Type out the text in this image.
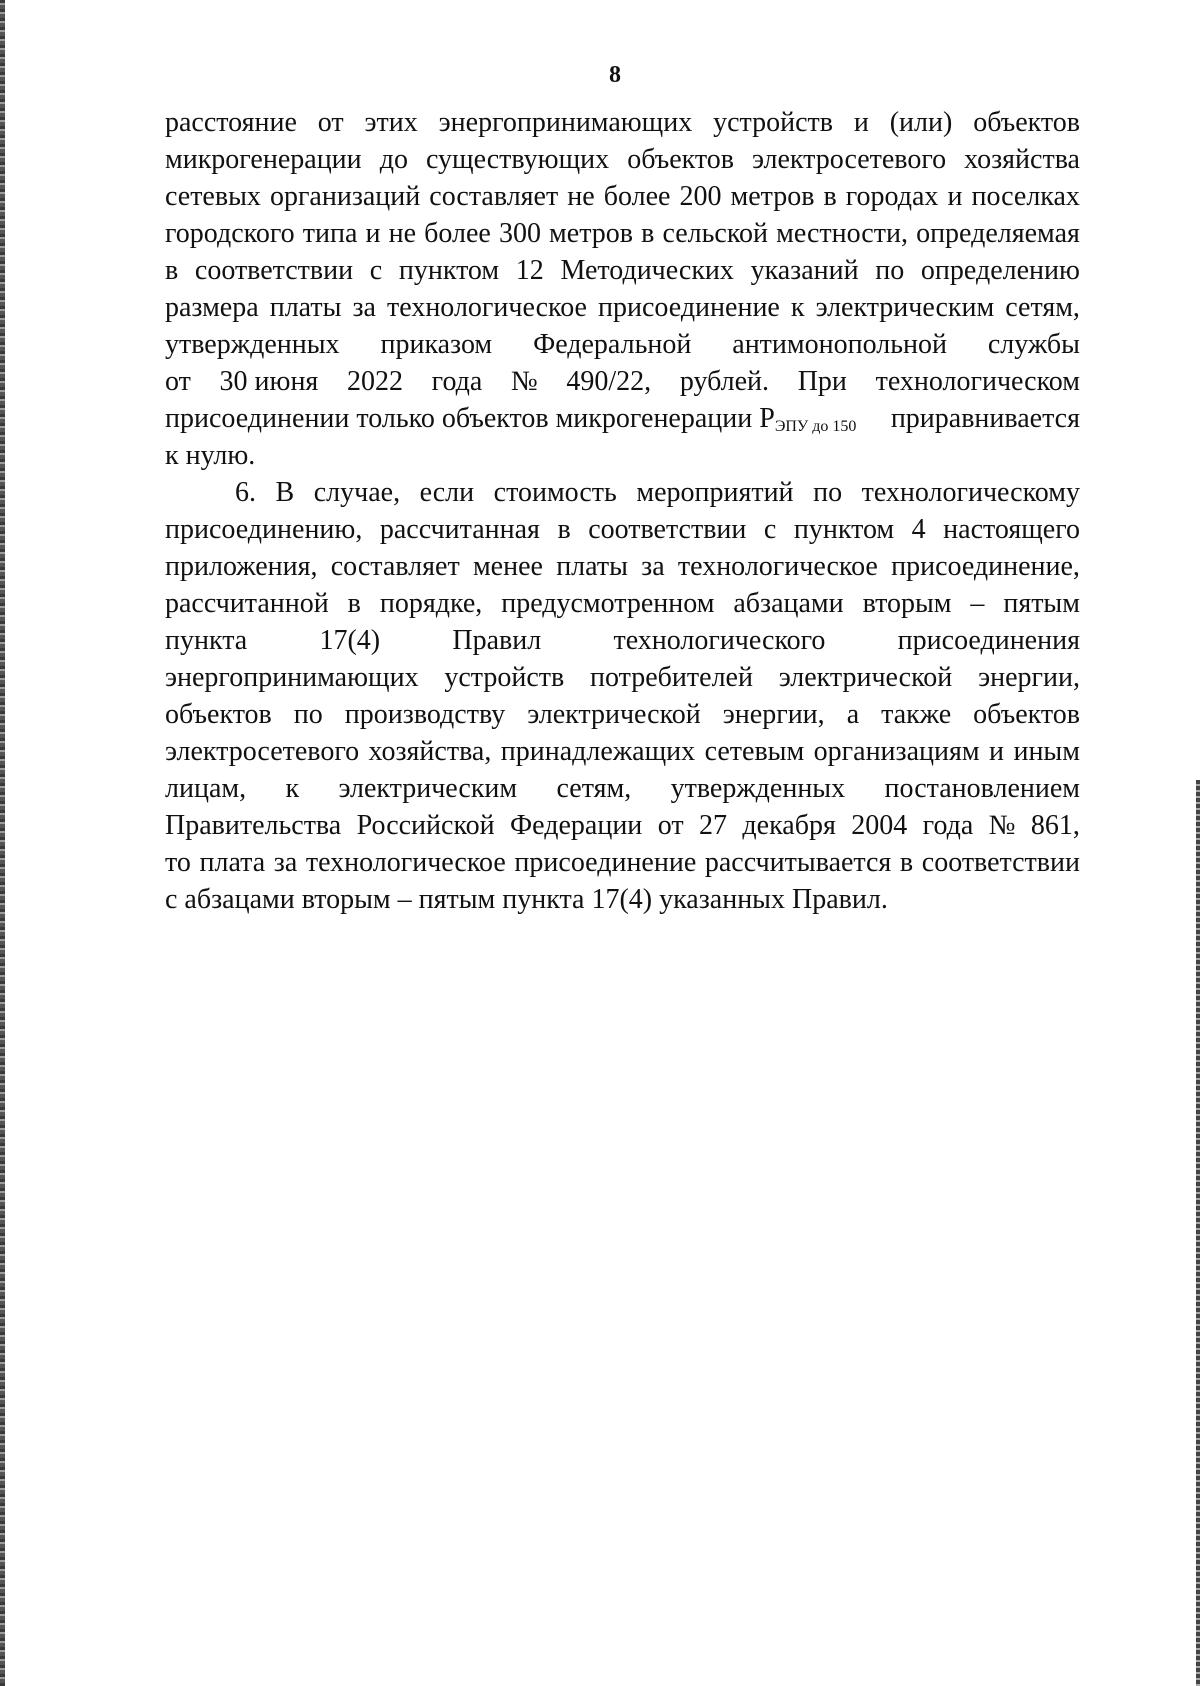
8
расстояние от этих энергопринимающих устройств и (или) объектов
микрогенерации до существующих объектов электросетевого хозяйства
сетевых организаций составляет не более 200 метров в городах и поселках
городского типа и не более 300 метров в сельской местности, определяемая
в соответствии с пунктом 12 Методических указаний по определению
размера платы за технологическое присоединение к электрическим сетям,
утвержденных приказом Федеральной антимонопольной службы
от 30 июня 2022 года № 490/22, рублей. При технологическом
присоединении только объектов микрогенерации $Р_{ЭПУ до 150}$ приравнивается
к нулю.
6. В случае, если стоимость мероприятий по технологическому
присоединению, рассчитанная в соответствии с пунктом 4 настоящего
приложения, составляет менее платы за технологическое присоединение,
рассчитанной в порядке, предусмотренном абзацами вторым – пятым
пункта	17(4)	Правил	технологического	присоединения
энергопринимающих устройств потребителей электрической энергии,
объектов по производству электрической энергии, а также объектов
электросетевого хозяйства, принадлежащих сетевым организациям и иным
лицам, к электрическим сетям, утвержденных постановлением
Правительства Российской Федерации от 27 декабря 2004 года № 861,
то плата за технологическое присоединение рассчитывается в соответствии
с абзацами вторым – пятым пункта 17(4) указанных Правил.
